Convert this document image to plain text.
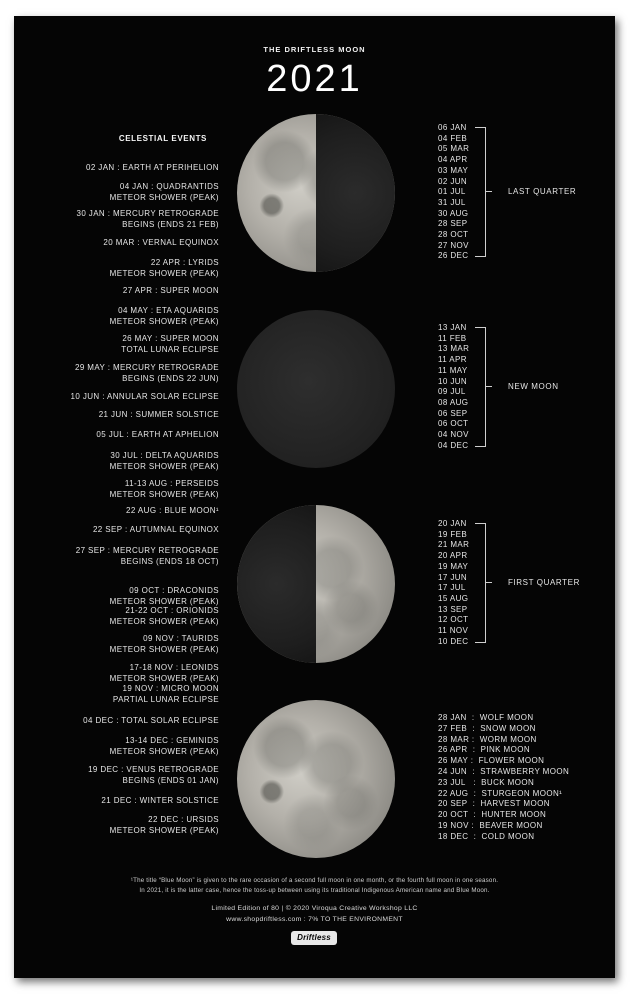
THE DRIFTLESS MOON
2021
CELESTIAL EVENTS
02 JAN : EARTH AT PERIHELION
04 JAN : QUADRANTIDS
METEOR SHOWER (PEAK)
30 JAN : MERCURY RETROGRADE
BEGINS (ENDS 21 FEB)
20 MAR : VERNAL EQUINOX
22 APR : LYRIDS
METEOR SHOWER (PEAK)
27 APR : SUPER MOON
04 MAY : ETA AQUARIDS
METEOR SHOWER (PEAK)
26 MAY : SUPER MOON
TOTAL LUNAR ECLIPSE
29 MAY : MERCURY RETROGRADE
BEGINS (ENDS 22 JUN)
10 JUN : ANNULAR SOLAR ECLIPSE
21 JUN : SUMMER SOLSTICE
05 JUL : EARTH AT APHELION
30 JUL : DELTA AQUARIDS
METEOR SHOWER (PEAK)
11-13 AUG : PERSEIDS
METEOR SHOWER (PEAK)
22 AUG : BLUE MOON¹
22 SEP : AUTUMNAL EQUINOX
27 SEP : MERCURY RETROGRADE
BEGINS (ENDS 18 OCT)
09 OCT : DRACONIDS
METEOR SHOWER (PEAK)
21-22 OCT : ORIONIDS
METEOR SHOWER (PEAK)
09 NOV : TAURIDS
METEOR SHOWER (PEAK)
17-18 NOV : LEONIDS
METEOR SHOWER (PEAK)
19 NOV : MICRO MOON
PARTIAL LUNAR ECLIPSE
04 DEC : TOTAL SOLAR ECLIPSE
13-14 DEC : GEMINIDS
METEOR SHOWER (PEAK)
19 DEC : VENUS RETROGRADE
BEGINS (ENDS 01 JAN)
21 DEC : WINTER SOLSTICE
22 DEC : URSIDS
METEOR SHOWER (PEAK)
06 JAN
04 FEB
05 MAR
04 APR
03 MAY
02 JUN
01 JUL
31 JUL
30 AUG
28 SEP
28 OCT
27 NOV
26 DEC
LAST QUARTER
13 JAN
11 FEB
13 MAR
11 APR
11 MAY
10 JUN
09 JUL
08 AUG
06 SEP
06 OCT
04 NOV
04 DEC
NEW MOON
20 JAN
19 FEB
21 MAR
20 APR
19 MAY
17 JUN
17 JUL
15 AUG
13 SEP
12 OCT
11 NOV
10 DEC
FIRST QUARTER
28 JAN  :  WOLF MOON
27 FEB  :  SNOW MOON
28 MAR :  WORM MOON
26 APR  :  PINK MOON
26 MAY :  FLOWER MOON
24 JUN  :  STRAWBERRY MOON
23 JUL   :  BUCK MOON
22 AUG  :  STURGEON MOON¹
20 SEP  :  HARVEST MOON
20 OCT  :  HUNTER MOON
19 NOV :  BEAVER MOON
18 DEC  :  COLD MOON
¹The title “Blue Moon” is given to the rare occasion of a second full moon in one month, or the fourth full moon in one season.
In 2021, it is the latter case, hence the toss-up between using its traditional Indigenous American name and Blue Moon.
Limited Edition of 80 | © 2020 Viroqua Creative Workshop LLC
www.shopdriftless.com : 7% TO THE ENVIRONMENT
Driftless
